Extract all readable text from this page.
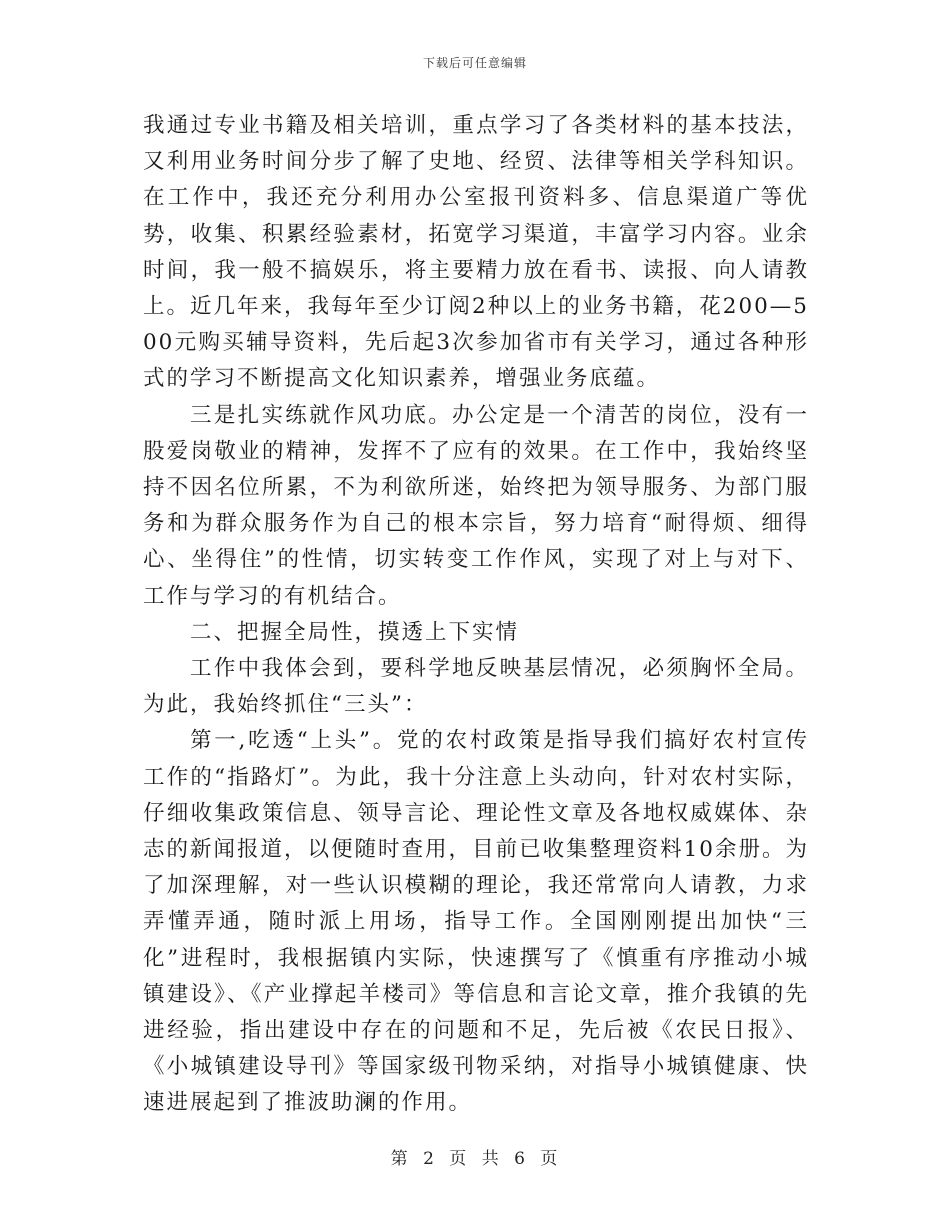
下载后可任意编辑

我通过专业书籍及相关培训，重点学习了各类材料的基本技法，又利用业务时间分步了解了史地、经贸、法律等相关学科知识。在工作中，我还充分利用办公室报刊资料多、信息渠道广等优势，收集、积累经验素材，拓宽学习渠道，丰富学习内容。业余时间，我一般不搞娱乐，将主要精力放在看书、读报、向人请教上。近几年来，我每年至少订阅2种以上的业务书籍，花200—500元购买辅导资料，先后起3次参加省市有关学习，通过各种形式的学习不断提高文化知识素养，增强业务底蕴。

三是扎实练就作风功底。办公定是一个清苦的岗位，没有一股爱岗敬业的精神，发挥不了应有的效果。在工作中，我始终坚持不因名位所累，不为利欲所迷，始终把为领导服务、为部门服务和为群众服务作为自己的根本宗旨，努力培育“耐得烦、细得心、坐得住”的性情，切实转变工作作风，实现了对上与对下、工作与学习的有机结合。

二、把握全局性，摸透上下实情

工作中我体会到，要科学地反映基层情况，必须胸怀全局。为此，我始终抓住“三头”：

第一,吃透“上头”。党的农村政策是指导我们搞好农村宣传工作的“指路灯”。为此，我十分注意上头动向，针对农村实际，仔细收集政策信息、领导言论、理论性文章及各地权威媒体、杂志的新闻报道，以便随时查用，目前已收集整理资料10余册。为了加深理解，对一些认识模糊的理论，我还常常向人请教，力求弄懂弄通，随时派上用场，指导工作。全国刚刚提出加快“三化”进程时，我根据镇内实际，快速撰写了《慎重有序推动小城镇建设》、《产业撑起羊楼司》等信息和言论文章，推介我镇的先进经验，指出建设中存在的问题和不足，先后被《农民日报》、《小城镇建设导刊》等国家级刊物采纳，对指导小城镇健康、快速进展起到了推波助澜的作用。

第 2 页 共 6 页
